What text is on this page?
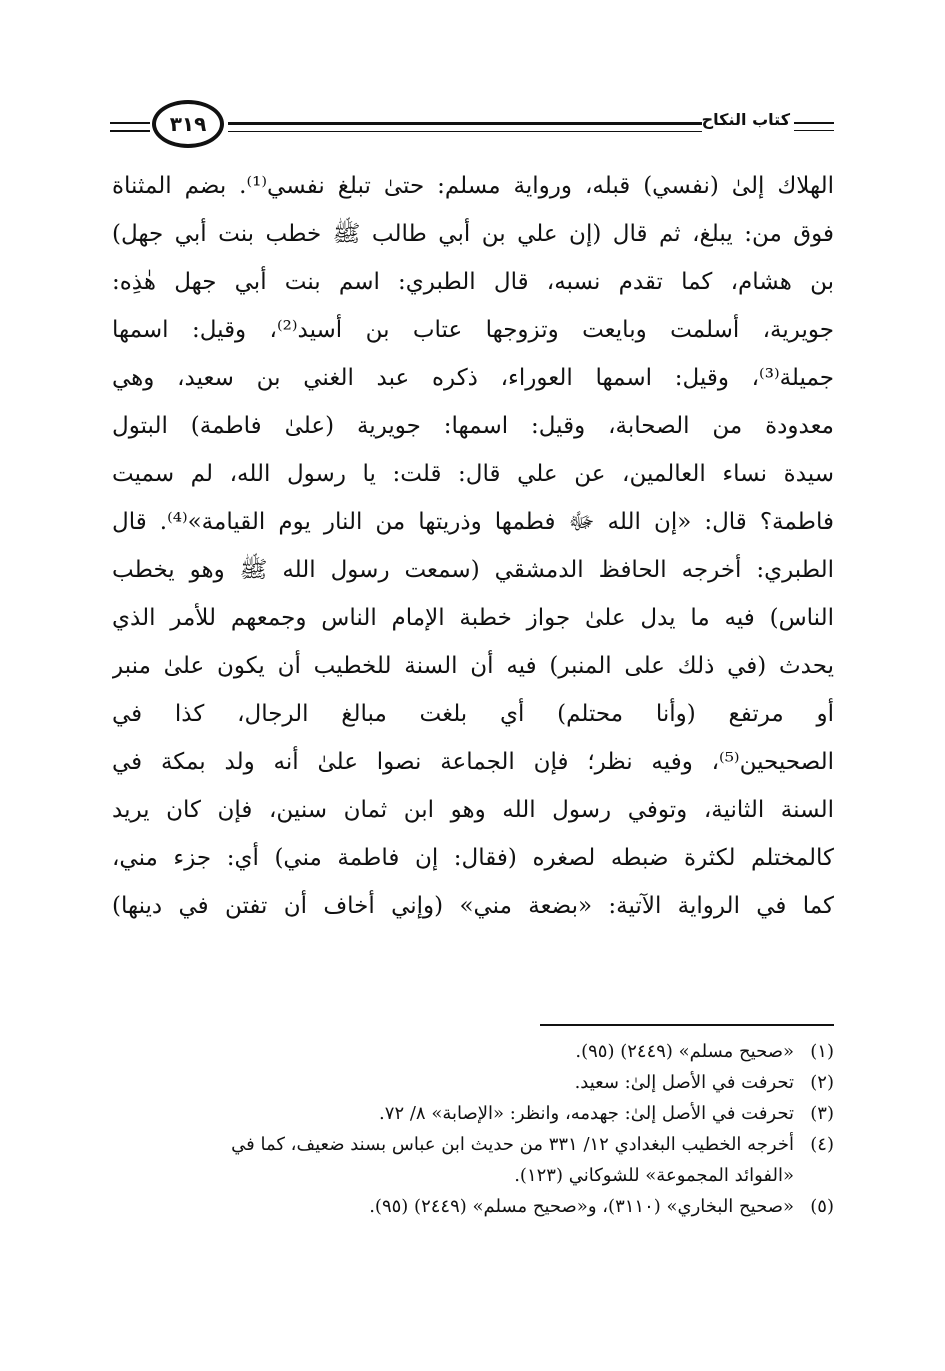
٣١٩	كتاب النكاح
الهلاك إلىٰ (نفسي) قبله، ورواية مسلم: حتىٰ تبلغ نفسي⁽¹⁾. بضم المثناة
فوق من: يبلغ، ثم قال (إن علي بن أبي طالب ﷺ خطب بنت أبي جهل)
بن هشام، كما تقدم نسبه، قال الطبري: اسم بنت أبي جهل هٰذِه:
جويرية، أسلمت وبايعت وتزوجها عتاب بن أسيد⁽²⁾، وقيل: اسمها
جميلة⁽³⁾، وقيل: اسمها العوراء، ذكره عبد الغني بن سعيد، وهي
معدودة من الصحابة، وقيل: اسمها: جويرية (علىٰ فاطمة) البتول
سيدة نساء العالمين، عن علي قال: قلت: يا رسول الله، لم سميت
فاطمة؟ قال: «إن الله ﷻ فطمها وذريتها من النار يوم القيامة»⁽⁴⁾. قال
الطبري: أخرجه الحافظ الدمشقي (سمعت رسول الله ﷺ وهو يخطب
الناس) فيه ما يدل علىٰ جواز خطبة الإمام الناس وجمعهم للأمر الذي
يحدث (في ذلك على المنبر) فيه أن السنة للخطيب أن يكون علىٰ منبر
أو مرتفع (وأنا محتلم) أي بلغت مبالغ الرجال، كذا في
الصحيحين⁽⁵⁾، وفيه نظر؛ فإن الجماعة نصوا علىٰ أنه ولد بمكة في
السنة الثانية، وتوفي رسول الله وهو ابن ثمان سنين، فإن كان يريد
كالمختلم لكثرة ضبطه لصغره (فقال: إن فاطمة مني) أي: جزء مني،
كما في الرواية الآتية: «بضعة مني» (وإني أخاف أن تفتن في دينها)
(١)«صحيح مسلم» (٢٤٤٩) (٩٥).
(٢)تحرفت في الأصل إلىٰ: سعيد.
(٣)تحرفت في الأصل إلىٰ: جهدمه، وانظر: «الإصابة» ٨/ ٧٢.
(٤)أخرجه الخطيب البغدادي ١٢/ ٣٣١ من حديث ابن عباس بسند ضعيف، كما في
«الفوائد المجموعة» للشوكاني (١٢٣).
(٥)«صحيح البخاري» (٣١١٠)، و«صحيح مسلم» (٢٤٤٩) (٩٥).
